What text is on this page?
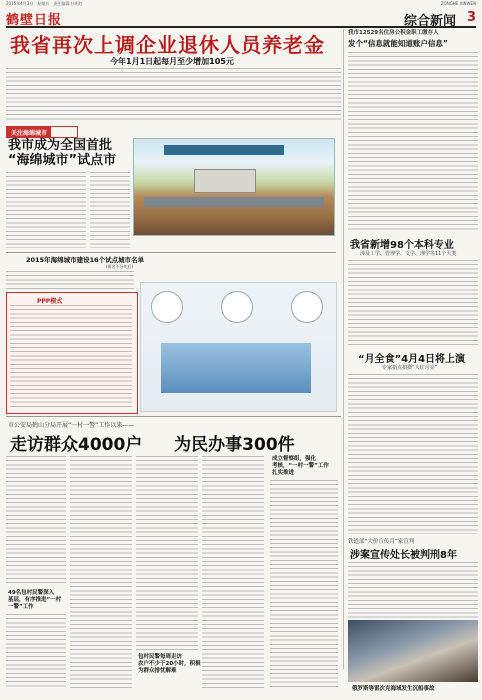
2015年4月3日　星期五　责任编辑:杜明红	ZONGHE XINWEN
鹤壁日报	综合新闻 3
我省再次上调企业退休人员养老金
今年1月1日起每月至少增加105元
关注海绵城市
我市成为全国首批
“海绵城市”试点市
2015年海绵城市建设16个试点城市名单
(排名不分先后)
PPP模式
市公安局鹤山分局开展“一村一警”工作以来——
走访群众4000户 为民办事300件
49名包村民警深入
基层，有序推进“一村
一警”工作
包村民警每周走访
农户不少于20小时，积极
为群众排忧解难
成立督察组，强化
考核，“一村一警”工作
扎实推进
我市12529名住房公积金职工缴存人
发个“信息就能知道账户信息”
我省新增98个本科专业
涉及工学、管理学、文学、理学等11个大类
“月全食”4月4日将上演
专家指点拍摄“大红月亮”
铁道部“大价宣传月”家宣判
涉案宣传处长被判刑8年
俄罗斯等雷次克海域发生沉船事故
